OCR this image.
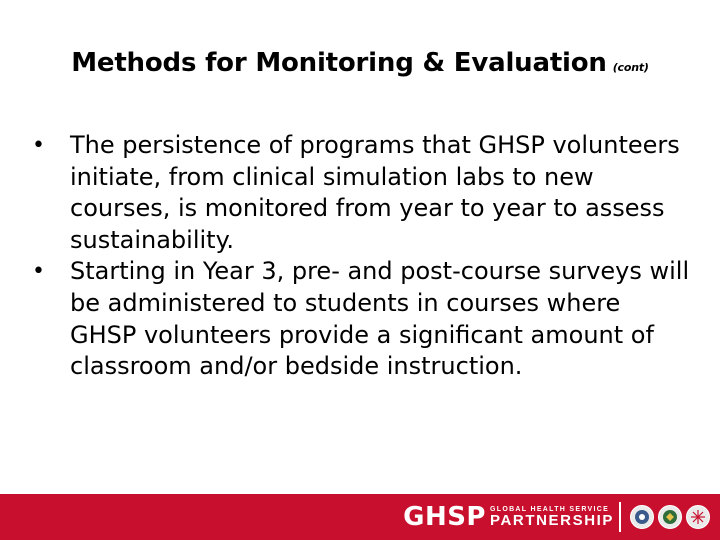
Methods for Monitoring & Evaluation (cont)
• The persistence of programs that GHSP volunteers initiate, from clinical simulation labs to new courses, is monitored from year to year to assess sustainability.
• Starting in Year 3, pre- and post-course surveys will be administered to students in courses where GHSP volunteers provide a significant amount of classroom and/or bedside instruction.
GHSP GLOBAL HEALTH SERVICE
PARTNERSHIP
